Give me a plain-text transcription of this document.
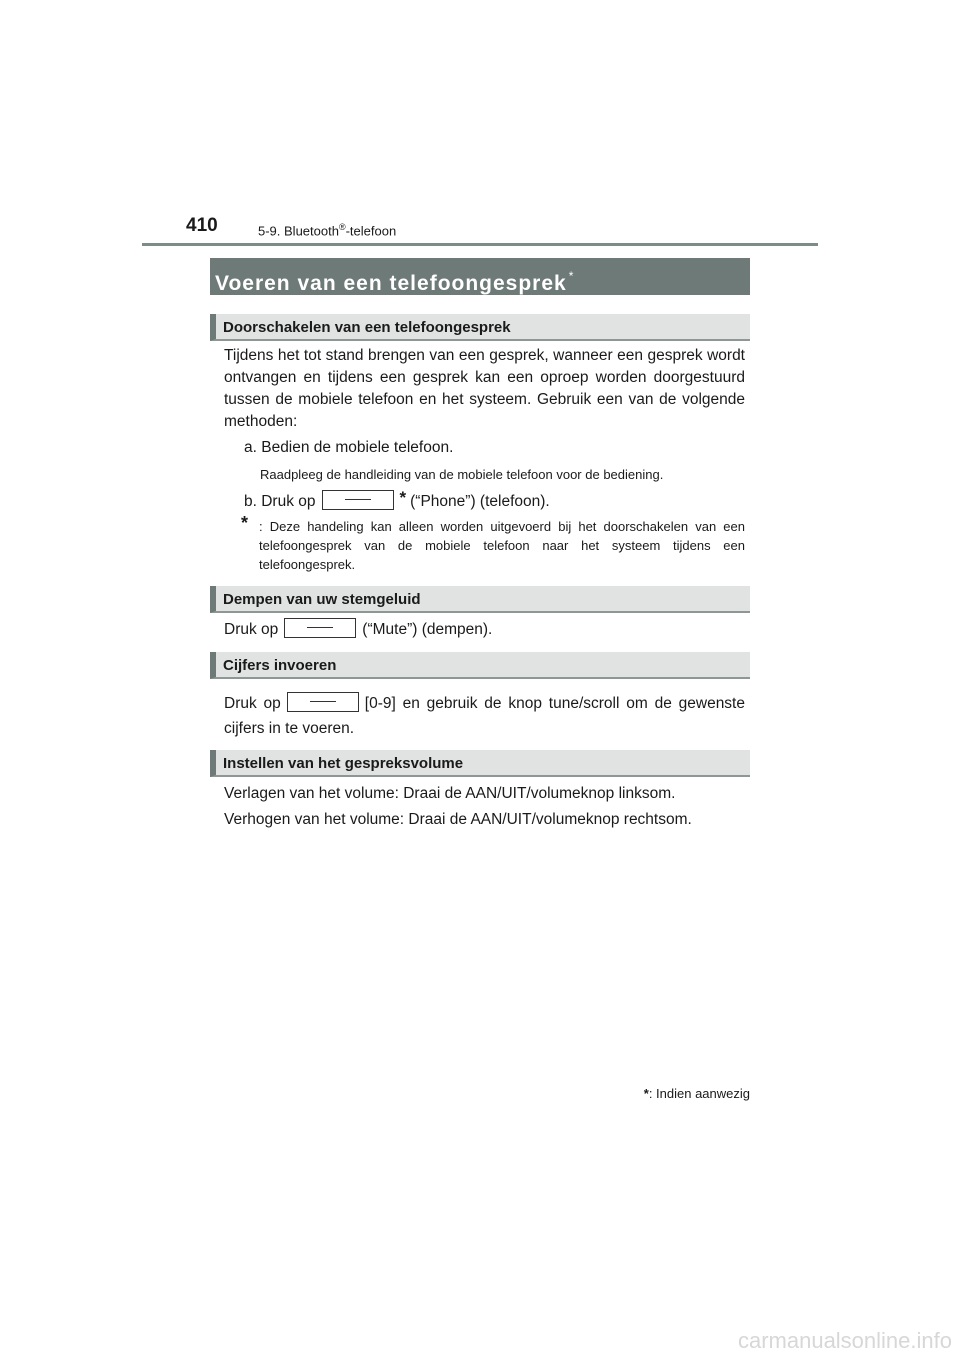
410	5-9. Bluetooth®-telefoon
Voeren van een telefoongesprek *
Doorschakelen van een telefoongesprek
Tijdens het tot stand brengen van een gesprek, wanneer een gesprek wordt ontvangen en tijdens een gesprek kan een oproep worden doorgestuurd tussen de mobiele telefoon en het systeem. Gebruik een van de volgende methoden:
a. Bedien de mobiele telefoon.
Raadpleeg de handleiding van de mobiele telefoon voor de bediening.
b. Druk op	* (“Phone”) (telefoon).
* : Deze handeling kan alleen worden uitgevoerd bij het doorschakelen van een telefoongesprek van de mobiele telefoon naar het systeem tijdens een telefoongesprek.
Dempen van uw stemgeluid
Druk op	(“Mute”) (dempen).
Cijfers invoeren
Druk op	[0-9] en gebruik de knop tune/scroll om de gewenste cijfers in te voeren.
Instellen van het gespreksvolume
Verlagen van het volume: Draai de AAN/UIT/volumeknop linksom.
Verhogen van het volume: Draai de AAN/UIT/volumeknop rechtsom.
*: Indien aanwezig
carmanualsonline.info
